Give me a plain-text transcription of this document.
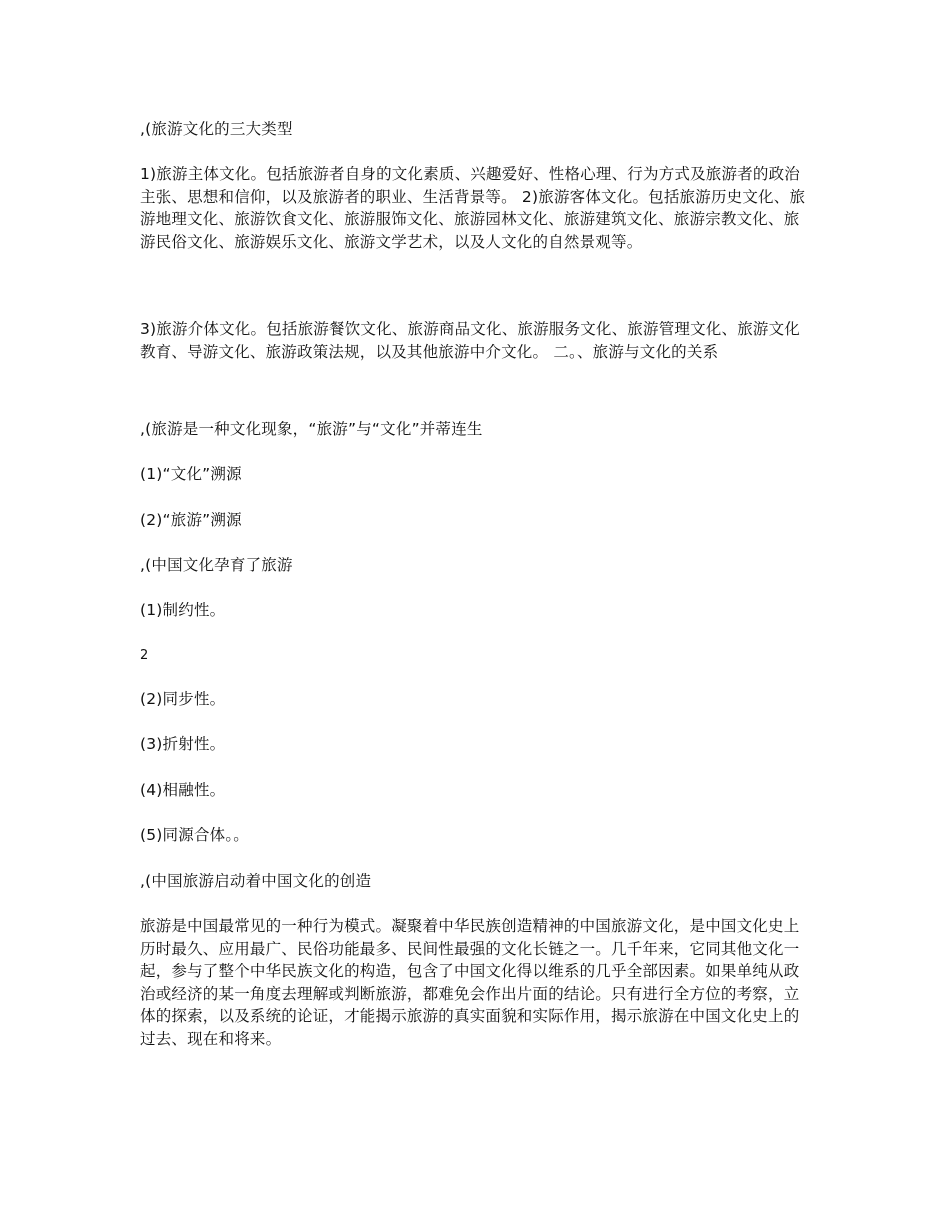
,(旅游文化的三大类型

1)旅游主体文化。包括旅游者自身的文化素质、兴趣爱好、性格心理、行为方式及旅游者的政治主张、思想和信仰，以及旅游者的职业、生活背景等。 2)旅游客体文化。包括旅游历史文化、旅游地理文化、旅游饮食文化、旅游服饰文化、旅游园林文化、旅游建筑文化、旅游宗教文化、旅游民俗文化、旅游娱乐文化、旅游文学艺术，以及人文化的自然景观等。

3)旅游介体文化。包括旅游餐饮文化、旅游商品文化、旅游服务文化、旅游管理文化、旅游文化教育、导游文化、旅游政策法规，以及其他旅游中介文化。 二。、旅游与文化的关系

,(旅游是一种文化现象，“旅游”与“文化”并蒂连生

(1)“文化”溯源

(2)“旅游”溯源

,(中国文化孕育了旅游

(1)制约性。

2

(2)同步性。

(3)折射性。

(4)相融性。

(5)同源合体。。

,(中国旅游启动着中国文化的创造

旅游是中国最常见的一种行为模式。凝聚着中华民族创造精神的中国旅游文化，是中国文化史上历时最久、应用最广、民俗功能最多、民间性最强的文化长链之一。几千年来，它同其他文化一起，参与了整个中华民族文化的构造，包含了中国文化得以维系的几乎全部因素。如果单纯从政治或经济的某一角度去理解或判断旅游，都难免会作出片面的结论。只有进行全方位的考察，立体的探索，以及系统的论证，才能揭示旅游的真实面貌和实际作用，揭示旅游在中国文化史上的过去、现在和将来。
